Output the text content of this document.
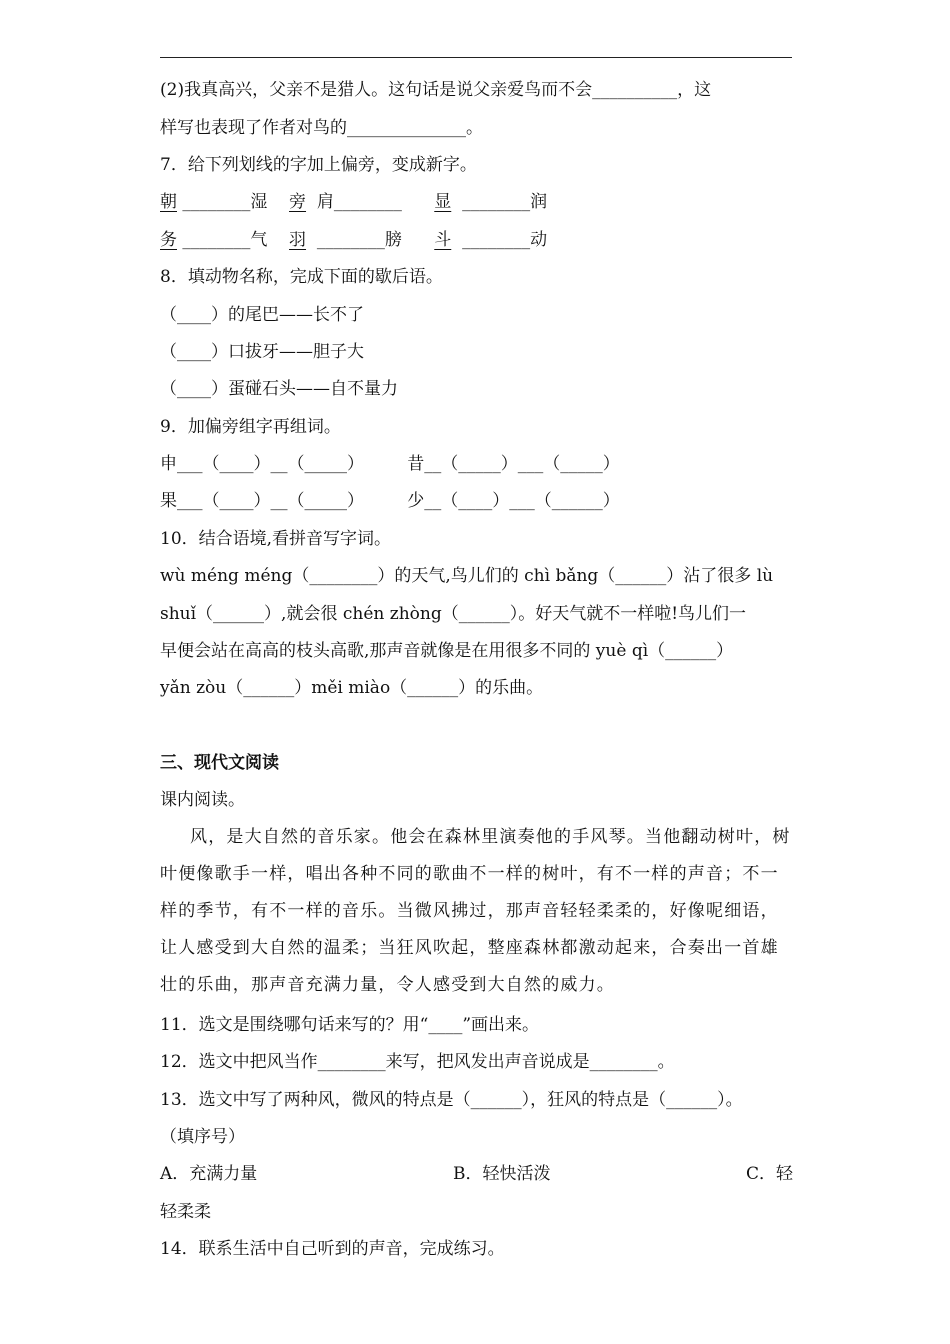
(2)我真高兴，父亲不是猎人。这句话是说父亲爱鸟而不会__________，这
样写也表现了作者对鸟的______________。
7．给下列划线的字加上偏旁，变成新字。
朝 ________湿    旁  肩________      显  ________润
务 ________气    羽  ________膀      斗  ________动
8．填动物名称，完成下面的歇后语。
（____）的尾巴——长不了
（____）口拔牙——胆子大
（____）蛋碰石头——自不量力
9．加偏旁组字再组词。
申___（____）__（_____）        昔__（_____）___（_____）
果___（____）__（_____）        少__（____）___（______）
10．结合语境,看拼音写字词。
wù méng méng（________）的天气,鸟儿们的 chì bǎng（______）沾了很多 lù
shuǐ（______）,就会很 chén zhòng（______）。好天气就不一样啦!鸟儿们一
早便会站在高高的枝头高歌,那声音就像是在用很多不同的 yuè qì（______）
yǎn zòu（______）měi miào（______）的乐曲。
三、现代文阅读
课内阅读。
风，是大自然的音乐家。他会在森林里演奏他的手风琴。当他翻动树叶，树叶便像歌手一样，唱出各种不同的歌曲不一样的树叶，有不一样的声音；不一样的季节，有不一样的音乐。当微风拂过，那声音轻轻柔柔的，好像呢细语，让人感受到大自然的温柔；当狂风吹起，整座森林都激动起来，合奏出一首雄壮的乐曲，那声音充满力量，令人感受到大自然的威力。
11．选文是围绕哪句话来写的？用“____”画出来。
12．选文中把风当作________来写，把风发出声音说成是________。
13．选文中写了两种风，微风的特点是（______），狂风的特点是（______）。
（填序号）
A．充满力量	B．轻快活泼	C．轻
轻柔柔
14．联系生活中自己听到的声音，完成练习。
